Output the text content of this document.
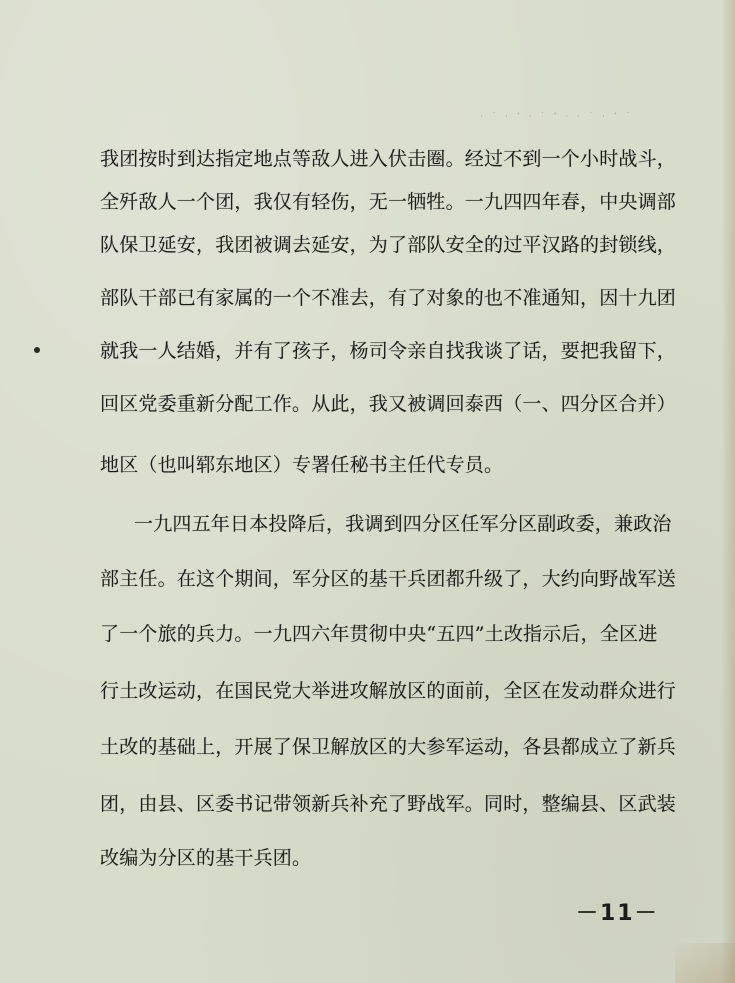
· ˙ · ʼ · ˙ ʻ · · ˙ · ʼ ˙
我团按时到达指定地点等敌人进入伏击圈。经过不到一个小时战斗，
全歼敌人一个团，我仅有轻伤，无一牺牲。一九四四年春，中央调部
队保卫延安，我团被调去延安，为了部队安全的过平汉路的封锁线，
部队干部已有家属的一个不准去，有了对象的也不准通知，因十九团
就我一人结婚，并有了孩子，杨司令亲自找我谈了话，要把我留下，
回区党委重新分配工作。从此，我又被调回泰西（一、四分区合并）
地区（也叫郓东地区）专署任秘书主任代专员。
一九四五年日本投降后，我调到四分区任军分区副政委，兼政治
部主任。在这个期间，军分区的基干兵团都升级了，大约向野战军送
了一个旅的兵力。一九四六年贯彻中央“五四”土改指示后，全区进
行土改运动，在国民党大举进攻解放区的面前，全区在发动群众进行
土改的基础上，开展了保卫解放区的大参军运动，各县都成立了新兵
团，由县、区委书记带领新兵补充了野战军。同时，整编县、区武装
改编为分区的基干兵团。
－11－
